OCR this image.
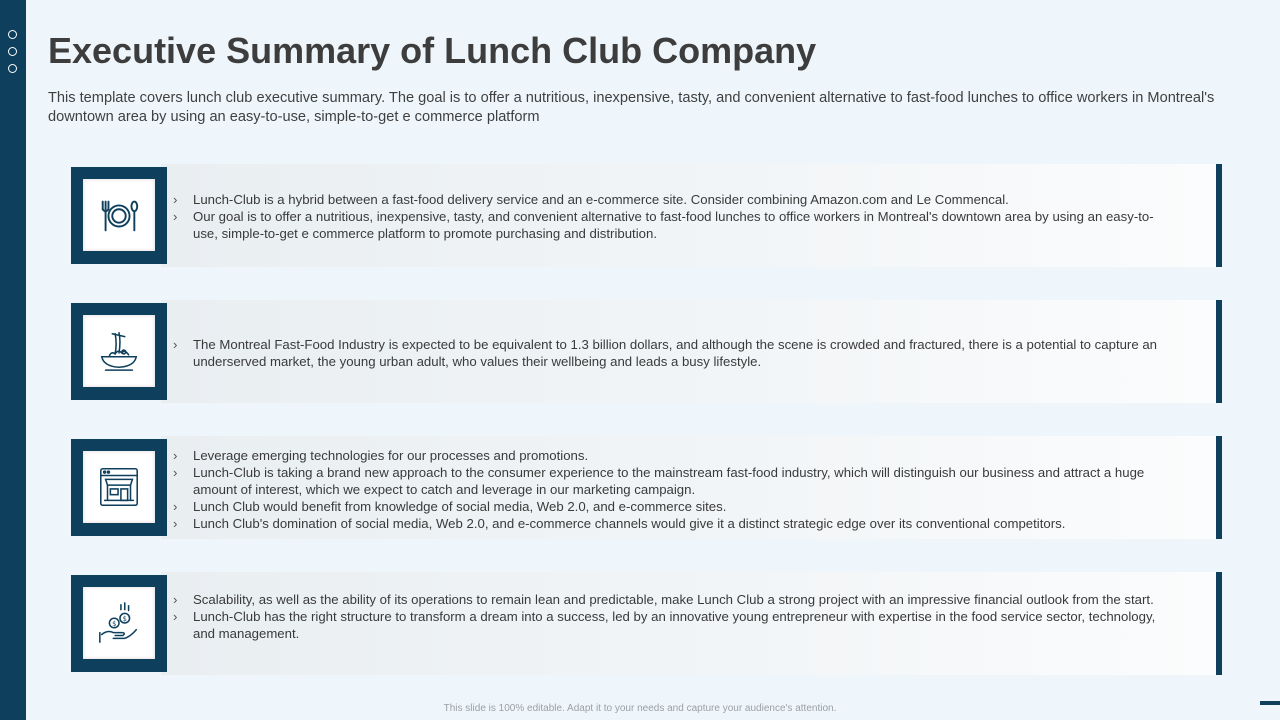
Executive Summary of Lunch Club Company

This template covers lunch club executive summary. The goal is to offer a nutritious, inexpensive, tasty, and convenient alternative to fast-food lunches to office workers in Montreal's downtown area by using an easy-to-use, simple-to-get e commerce platform

› Lunch-Club is a hybrid between a fast-food delivery service and an e-commerce site. Consider combining Amazon.com and Le Commencal.
› Our goal is to offer a nutritious, inexpensive, tasty, and convenient alternative to fast-food lunches to office workers in Montreal's downtown area by using an easy-to-use, simple-to-get e commerce platform to promote purchasing and distribution.
› The Montreal Fast-Food Industry is expected to be equivalent to 1.3 billion dollars, and although the scene is crowded and fractured, there is a potential to capture an underserved market, the young urban adult, who values their wellbeing and leads a busy lifestyle.
› Leverage emerging technologies for our processes and promotions.
› Lunch-Club is taking a brand new approach to the consumer experience to the mainstream fast-food industry, which will distinguish our business and attract a huge amount of interest, which we expect to catch and leverage in our marketing campaign.
› Lunch Club would benefit from knowledge of social media, Web 2.0, and e-commerce sites.
› Lunch Club's domination of social media, Web 2.0, and e-commerce channels would give it a distinct strategic edge over its conventional competitors.
$
$
› Scalability, as well as the ability of its operations to remain lean and predictable, make Lunch Club a strong project with an impressive financial outlook from the start.
› Lunch-Club has the right structure to transform a dream into a success, led by an innovative young entrepreneur with expertise in the food service sector, technology, and management.
This slide is 100% editable. Adapt it to your needs and capture your audience's attention.
